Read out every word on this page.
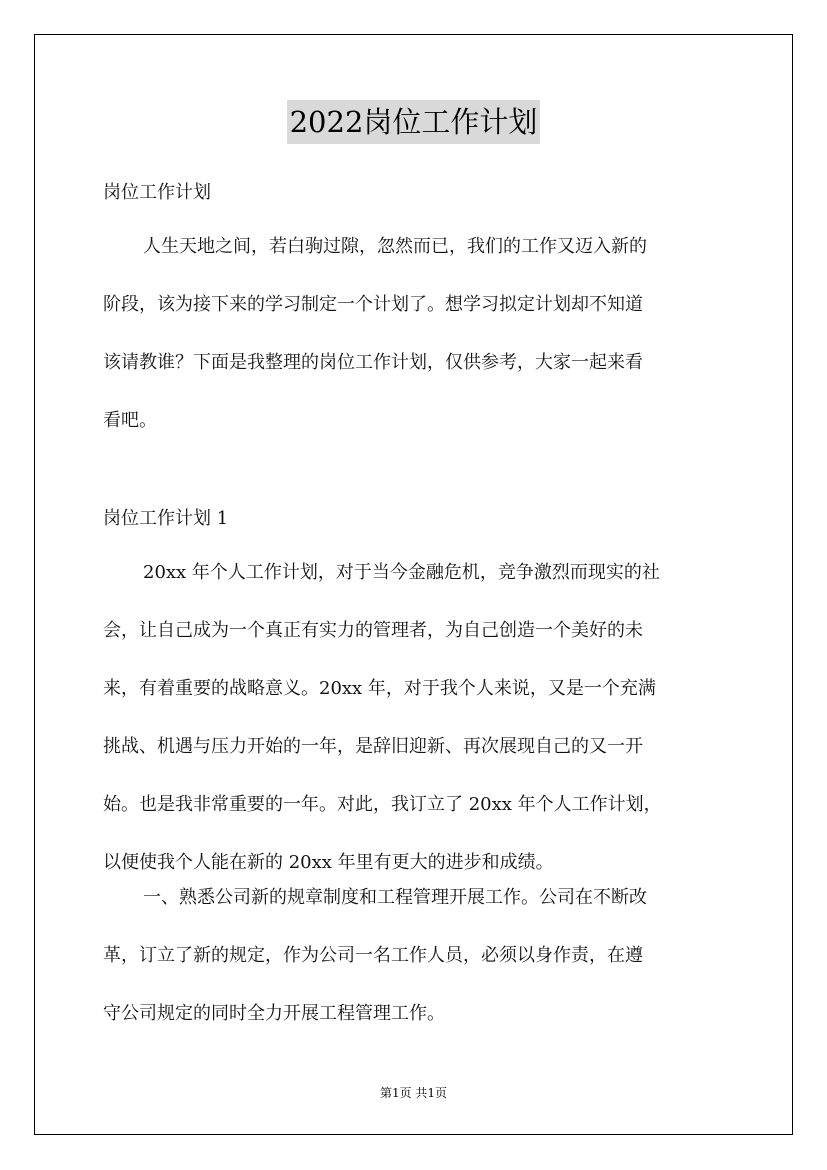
2022岗位工作计划

岗位工作计划

人生天地之间，若白驹过隙，忽然而已，我们的工作又迈入新的
阶段，该为接下来的学习制定一个计划了。想学习拟定计划却不知道
该请教谁？下面是我整理的岗位工作计划，仅供参考，大家一起来看
看吧。

岗位工作计划 1

20xx 年个人工作计划，对于当今金融危机，竞争激烈而现实的社
会，让自己成为一个真正有实力的管理者，为自己创造一个美好的未
来，有着重要的战略意义。20xx 年，对于我个人来说，又是一个充满
挑战、机遇与压力开始的一年，是辞旧迎新、再次展现自己的又一开
始。也是我非常重要的一年。对此，我订立了 20xx 年个人工作计划，
以便使我个人能在新的 20xx 年里有更大的进步和成绩。
一、熟悉公司新的规章制度和工程管理开展工作。公司在不断改
革，订立了新的规定，作为公司一名工作人员，必须以身作责，在遵
守公司规定的同时全力开展工程管理工作。
第1页 共1页
